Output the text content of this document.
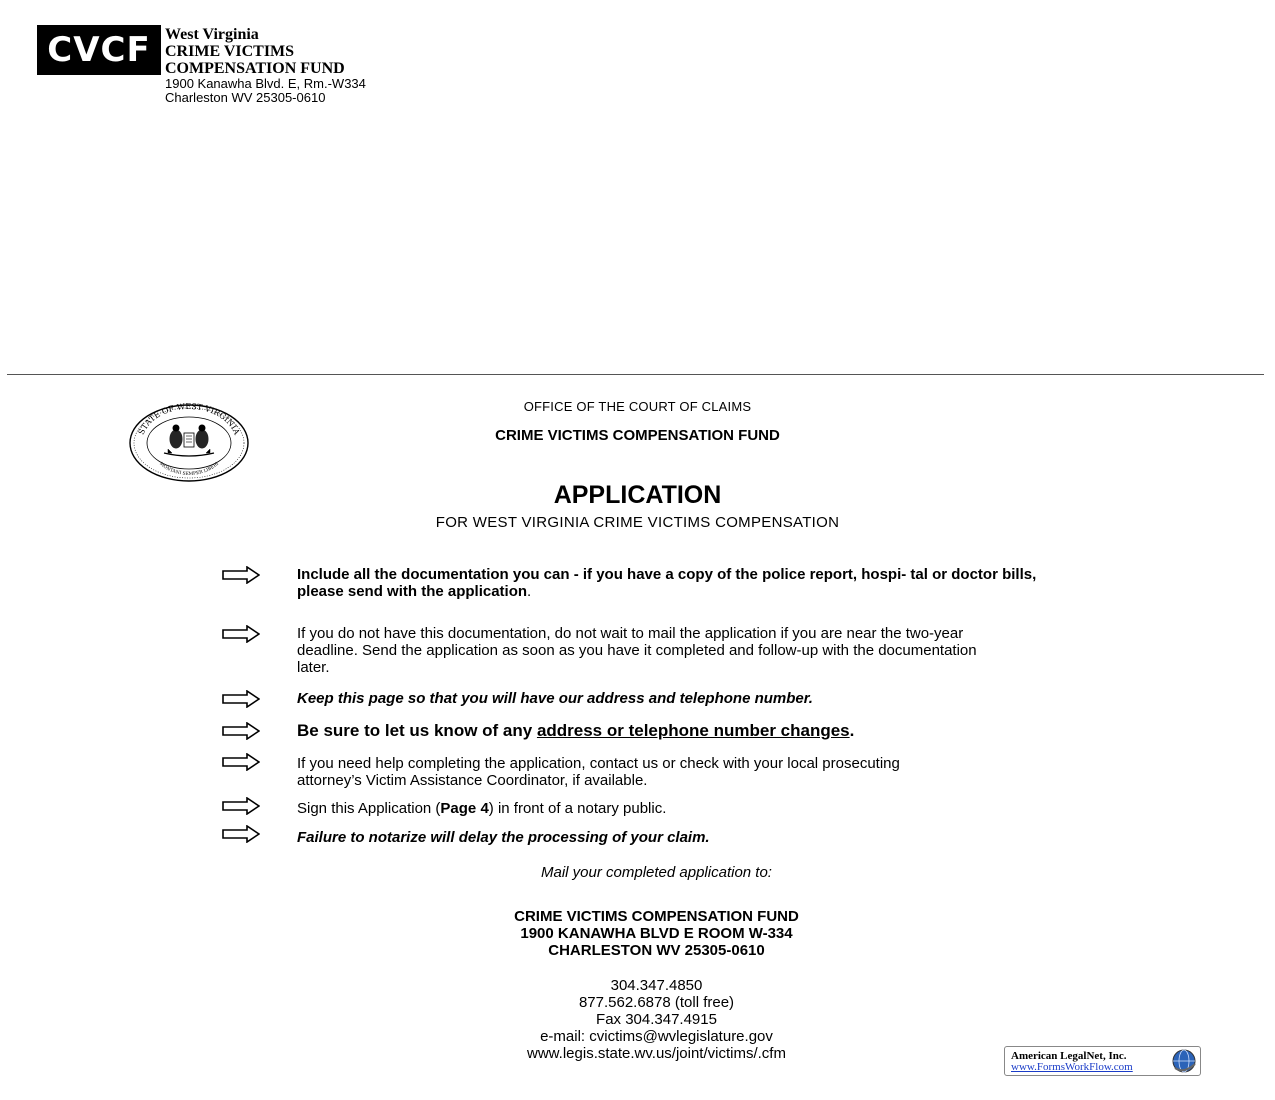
CVCF West Virginia
CRIME VICTIMS
COMPENSATION FUND
1900 Kanawha Blvd. E, Rm.-W334
Charleston WV 25305-0610
STATE OF WEST VIRGINIA
MONTANI SEMPER LIBERI
OFFICE OF THE COURT OF CLAIMS
CRIME VICTIMS COMPENSATION FUND
APPLICATION
FOR WEST VIRGINIA CRIME VICTIMS COMPENSATION
Include all the documentation you can - if you have a copy of the police report, hospi- tal or doctor bills, please send with the application.
If you do not have this documentation, do not wait to mail the application if you are near the two-year deadline. Send the application as soon as you have it completed and follow-up with the documentation later.
Keep this page so that you will have our address and telephone number.
Be sure to let us know of any address or telephone number changes.
If you need help completing the application, contact us or check with your local prosecuting attorney’s Victim Assistance Coordinator, if available.
Sign this Application (Page 4) in front of a notary public.
Failure to notarize will delay the processing of your claim.
Mail your completed application to:
CRIME VICTIMS COMPENSATION FUND
1900 KANAWHA BLVD E ROOM W-334
CHARLESTON WV 25305-0610
304.347.4850
877.562.6878 (toll free)
Fax 304.347.4915
e-mail: cvictims@wvlegislature.gov
www.legis.state.wv.us/joint/victims/.cfm	American LegalNet, Inc.
www.FormsWorkFlow.com
